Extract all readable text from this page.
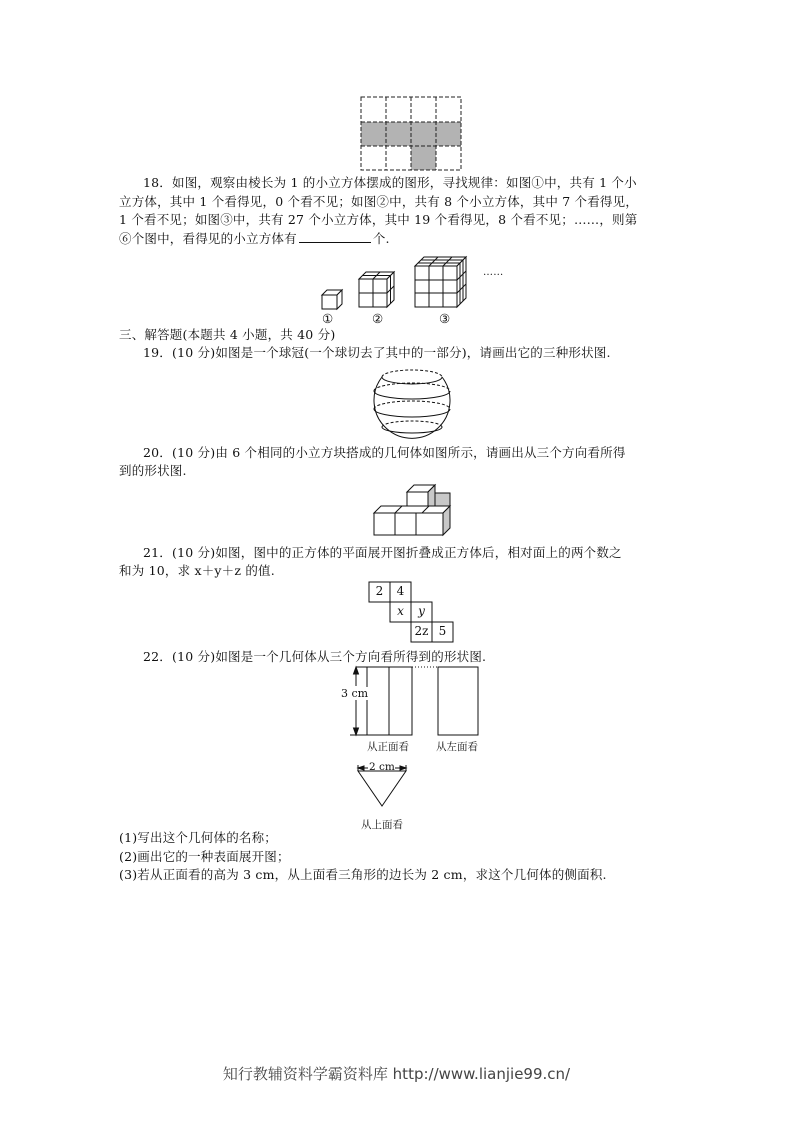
18．如图，观察由棱长为 1 的小立方体摆成的图形，寻找规律：如图①中，共有 1 个小
立方体，其中 1 个看得见，0 个看不见；如图②中，共有 8 个小立方体，其中 7 个看得见，
1 个看不见；如图③中，共有 27 个小立方体，其中 19 个看得见，8 个看不见；……，则第
⑥个图中，看得见的小立方体有	个.
……
①	②	③
三、解答题(本题共 4 小题，共 40 分)
19．(10 分)如图是一个球冠(一个球切去了其中的一部分)，请画出它的三种形状图.
20．(10 分)由 6 个相同的小立方块搭成的几何体如图所示，请画出从三个方向看所得
到的形状图.
21．(10 分)如图，图中的正方体的平面展开图折叠成正方体后，相对面上的两个数之
和为 10，求 x＋y＋z 的值.
2	4
x	y
2z 5
22．(10 分)如图是一个几何体从三个方向看所得到的形状图.
3 cm
2 cm
从正面看	从左面看
从上面看
(1)写出这个几何体的名称；
(2)画出它的一种表面展开图；
(3)若从正面看的高为 3 cm，从上面看三角形的边长为 2 cm，求这个几何体的侧面积.
知行教辅资料学霸资料库 http://www.lianjie99.cn/
